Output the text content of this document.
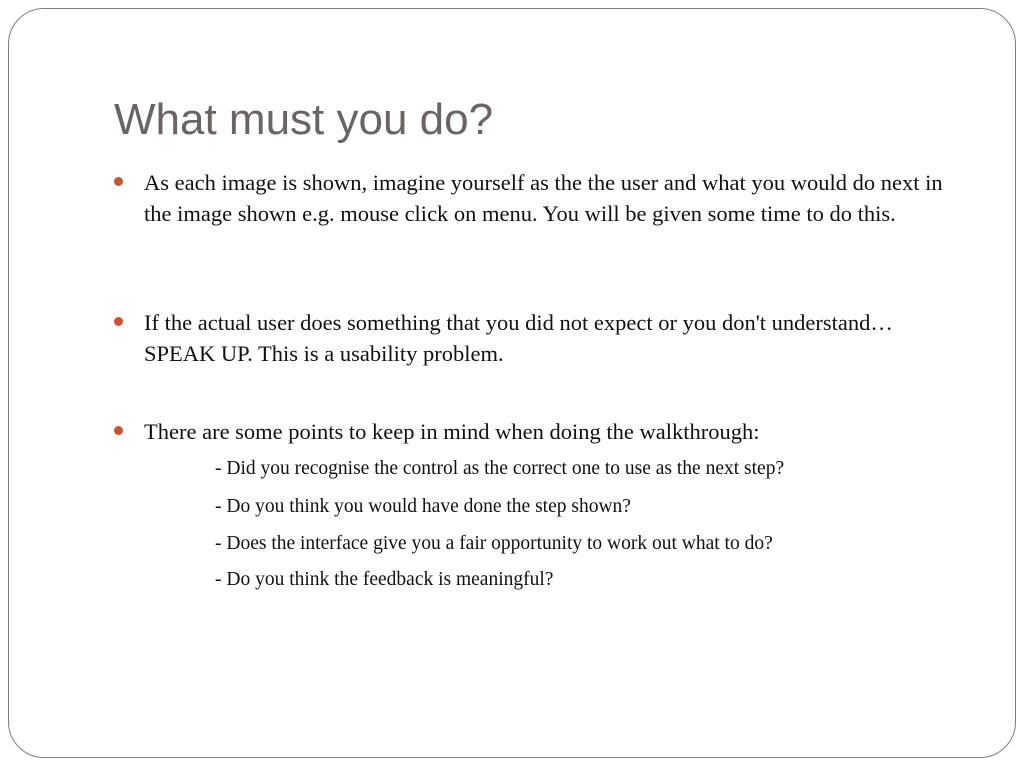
What must you do?
As each image is shown, imagine yourself as the the user and what you would do next in the image shown e.g. mouse click on menu. You will be given some time to do this.
If the actual user does something that you did not expect or you don't understand… SPEAK UP. This is a usability problem.
There are some points to keep in mind when doing the walkthrough:
- Did you recognise the control as the correct one to use as the next step?
- Do you think you would have done the step shown?
- Does the interface give you a fair opportunity to work out what to do?
- Do you think the feedback is meaningful?
